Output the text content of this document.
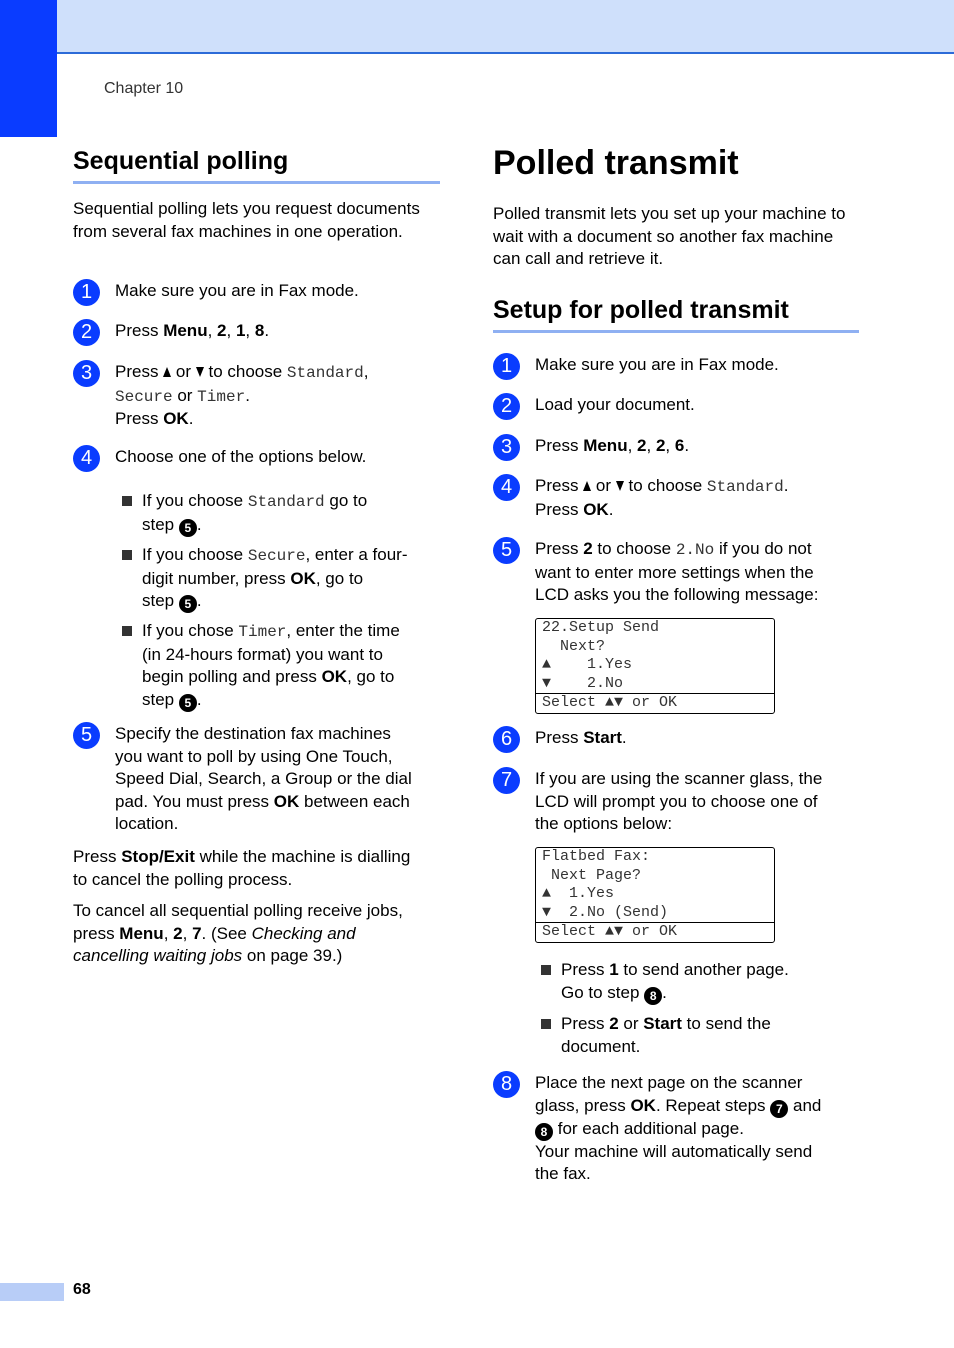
Chapter 10
Sequential polling
Sequential polling lets you request documents from several fax machines in one operation.
1	Make sure you are in Fax mode.
2	Press Menu, 2, 1, 8.
3	Press  or  to choose Standard,
Secure or Timer.
Press OK.
4	Choose one of the options below.
If you choose Standard go to
step 5 .
If you choose Secure, enter a four-
digit number, press OK, go to
step 5 .
If you chose Timer, enter the time
(in 24-hours format) you want to
begin polling and press OK, go to
step 5 .
5	Specify the destination fax machines
you want to poll by using One Touch,
Speed Dial, Search, a Group or the dial
pad. You must press OK between each
location.
Press Stop/Exit while the machine is dialling
to cancel the polling process.
To cancel all sequential polling receive jobs,
press Menu, 2, 7. (See Checking and
cancelling waiting jobs on page 39.)
Polled transmit
Polled transmit lets you set up your machine to wait with a document so another fax machine can call and retrieve it.
Setup for polled transmit
1	Make sure you are in Fax mode.
2	Load your document.
3	Press Menu, 2, 2, 6.
4	Press  or  to choose Standard.
Press OK.
5	Press 2 to choose 2.No if you do not
want to enter more settings when the
LCD asks you the following message:
22.Setup Send
Next?
▲    1.Yes
▼    2.No
Select ▲▼ or OK
6	Press Start.
7	If you are using the scanner glass, the
LCD will prompt you to choose one of
the options below:
Flatbed Fax:
Next Page?
▲  1.Yes
▼  2.No (Send)
Select ▲▼ or OK
Press 1 to send another page.
Go to step 8 .
Press 2 or Start to send the
document.
8	Place the next page on the scanner
glass, press OK. Repeat steps 7 and
8 for each additional page.
Your machine will automatically send
the fax.
68
